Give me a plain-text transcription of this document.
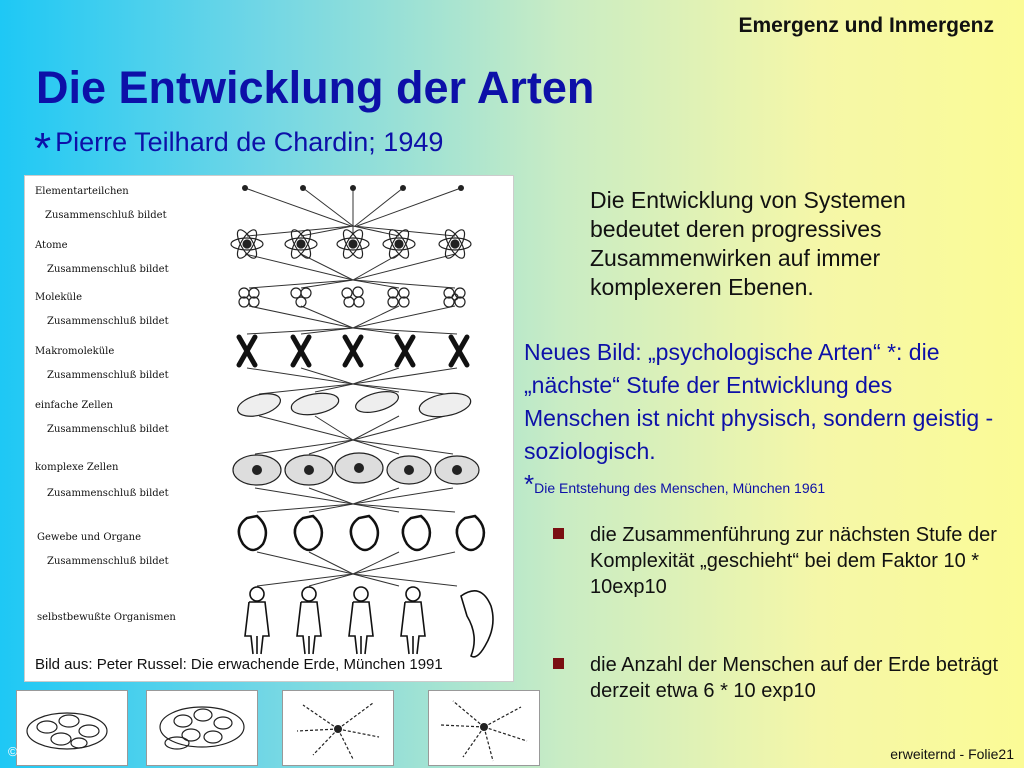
Emergenz und Inmergenz
Die Entwicklung der Arten
* Pierre Teilhard de Chardin; 1949
Elementarteilchen
Zusammenschluß bildet
Atome
Zusammenschluß bildet
Moleküle
Zusammenschluß bildet
Makromoleküle
Zusammenschluß bildet
einfache Zellen
Zusammenschluß bildet
komplexe Zellen
Zusammenschluß bildet
Gewebe und Organe
Zusammenschluß bildet
selbstbewußte Organismen
Bild aus: Peter Russel: Die erwachende Erde, München 1991
Die Entwicklung von Systemen bedeutet deren progressives Zusammenwirken auf immer komplexeren Ebenen.
Neues Bild: „psychologische Arten“ *: die „nächste“ Stufe der Entwicklung des Menschen ist nicht physisch, sondern geistig - soziologisch.
*Die Entstehung des Menschen, München 1961
die Zusammenführung zur nächsten Stufe der Komplexität „geschieht“ bei dem Faktor 10 * 10exp10
die Anzahl der Menschen auf der Erde beträgt derzeit etwa 6 * 10 exp10
©	erweiternd - Folie21
